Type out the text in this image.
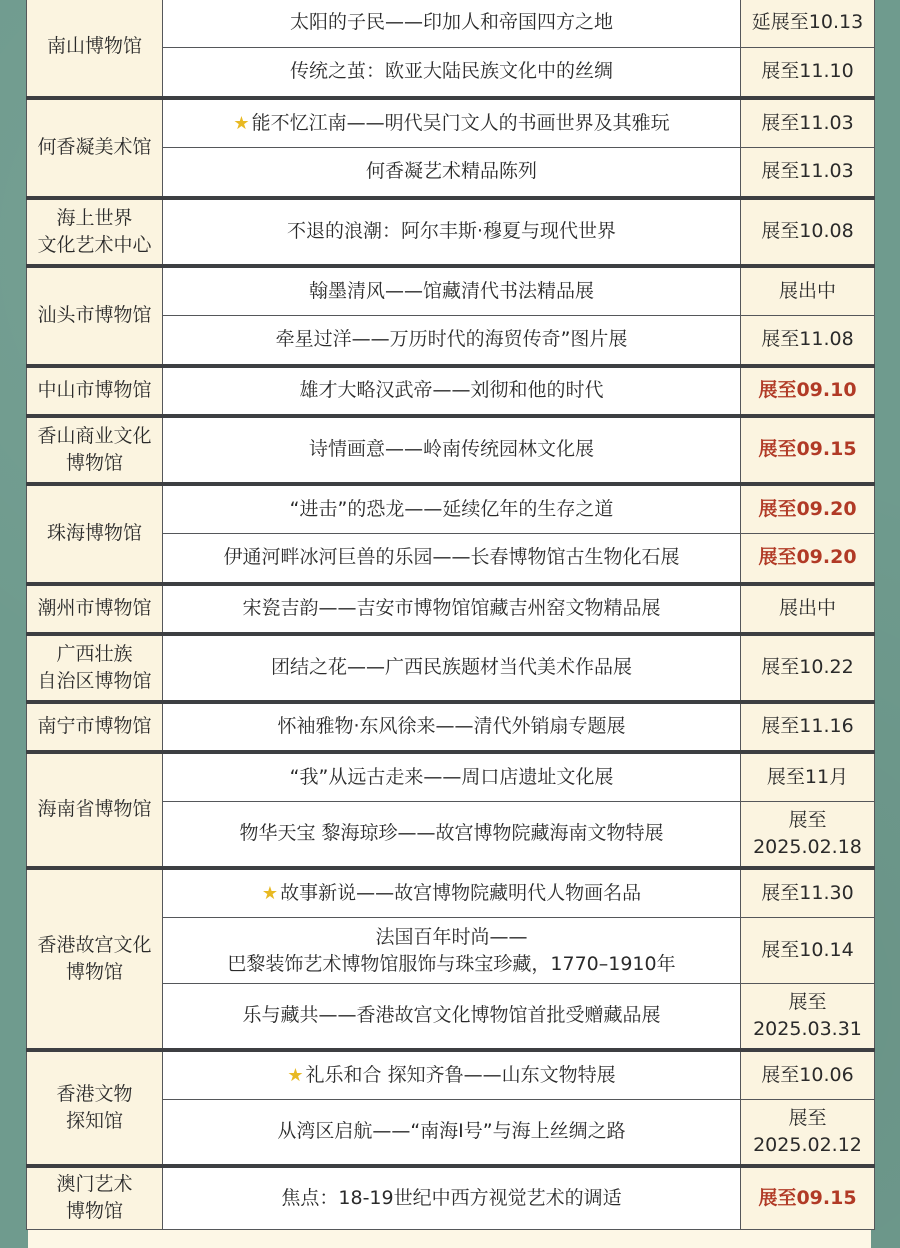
南山博物馆	太阳的子民——印加人和帝国四方之地	延展至10.13

	传统之茧：欧亚大陆民族文化中的丝绸	展至11.10

何香凝美术馆	★ 能不忆江南——明代吴门文人的书画世界及其雅玩	展至11.03

	何香凝艺术精品陈列	展至11.03

海上世界
文化艺术中心	不退的浪潮：阿尔丰斯·穆夏与现代世界	展至10.08

汕头市博物馆	翰墨清风——馆藏清代书法精品展	展出中

	牵星过洋——万历时代的海贸传奇”图片展	展至11.08

中山市博物馆	雄才大略汉武帝——刘彻和他的时代	展至09.10

香山商业文化
博物馆	诗情画意——岭南传统园林文化展	展至09.15

珠海博物馆	“进击”的恐龙——延续亿年的生存之道	展至09.20

	伊通河畔冰河巨兽的乐园——长春博物馆古生物化石展	展至09.20

潮州市博物馆	宋瓷吉韵——吉安市博物馆馆藏吉州窑文物精品展	展出中

广西壮族
自治区博物馆	团结之花——广西民族题材当代美术作品展	展至10.22

南宁市博物馆	怀袖雅物·东风徐来——清代外销扇专题展	展至11.16

海南省博物馆	“我”从远古走来——周口店遗址文化展	展至11月

	物华天宝 黎海琼珍——故宫博物院藏海南文物特展	展至
2025.02.18

香港故宫文化
博物馆	★ 故事新说——故宫博物院藏明代人物画名品	展至11.30

	法国百年时尚——
巴黎装饰艺术博物馆服饰与珠宝珍藏，1770–1910年	展至10.14

	乐与藏共——香港故宫文化博物馆首批受赠藏品展	展至
2025.03.31

香港文物
探知馆	★ 礼乐和合 探知齐鲁——山东文物特展	展至10.06

	从湾区启航——“南海I号”与海上丝绸之路	展至
2025.02.12

澳门艺术
博物馆	焦点：18-19世纪中西方视觉艺术的调适	展至09.15
